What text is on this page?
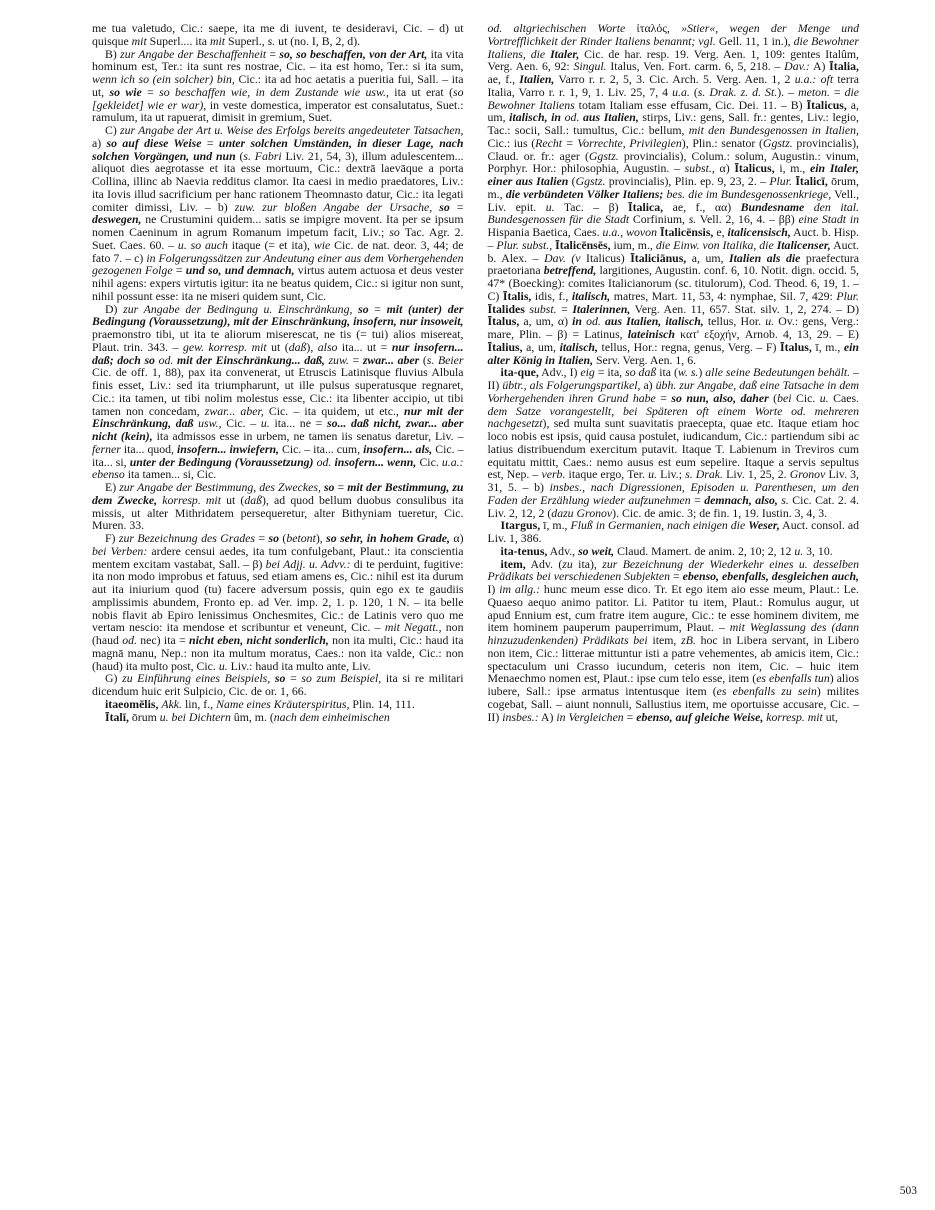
me tua valetudo, Cic.: saepe, ita me di iuvent, te desideravi, Cic. – d) ut quisque mit Superl.... ita mit Superl., s. ut (no. I, B, 2, d).

B) zur Angabe der Beschaffenheit = so, so beschaffen, von der Art, ita vita hominum est, Ter.: ita sunt res nostrae, Cic. – ita est homo, Ter.: si ita sum, wenn ich so (ein solcher) bin, Cic.: ita ad hoc aetatis a pueritia fui, Sall. – ita ut, so wie = so beschaffen wie, in dem Zustande wie usw., ita ut erat (so [gekleidet] wie er war), in veste domestica, imperator est consalutatus, Suet.: ramulum, ita ut rapuerat, dimisit in gremium, Suet.

C) zur Angabe der Art u. Weise des Erfolgs bereits angedeuteter Tatsachen, a) so auf diese Weise = unter solchen Umständen, in dieser Lage, nach solchen Vorgängen, und nun (s. Fabri Liv. 21, 54, 3), illum adulescentem... aliquot dies aegrotasse et ita esse mortuum, Cic.: dextrā laevāque a porta Collina, illinc ab Naevia redditus clamor. Ita caesi in medio praedatores, Liv.: ita Iovis illud sacrificium per hanc rationem Theomnasto datur, Cic.: ita legati comiter dimissi, Liv. – b) zuw. zur bloßen Angabe der Ursache, so = deswegen, ne Crustumini quidem... satis se impigre movent. Ita per se ipsum nomen Caeninum in agrum Romanum impetum facit, Liv.; so Tac. Agr. 2. Suet. Caes. 60. – u. so auch itaque (= et ita), wie Cic. de nat. deor. 3, 44; de fato 7. – c) in Folgerungssätzen zur Andeutung einer aus dem Vorhergehenden gezogenen Folge = und so, und demnach, virtus autem actuosa et deus vester nihil agens: expers virtutis igitur: ita ne beatus quidem, Cic.: si igitur non sunt, nihil possunt esse: ita ne miseri quidem sunt, Cic.

D) zur Angabe der Bedingung u. Einschränkung, so = mit (unter) der Bedingung (Voraussetzung), mit der Einschränkung, insofern, nur insoweit, praemonstro tibi, ut ita te aliorum miserescat, ne tis (= tui) alios misereat, Plaut. trin. 343. – gew. korresp. mit ut (daß), also ita... ut = nur insofern... daß; doch so od. mit der Einschränkung... daß, zuw. = zwar... aber (s. Beier Cic. de off. 1, 88), pax ita convenerat, ut Etruscis Latinisque fluvius Albula finis esset, Liv.: sed ita triumpharunt, ut ille pulsus superatusque regnaret, Cic.: ita tamen, ut tibi nolim molestus esse, Cic.: ita libenter accipio, ut tibi tamen non concedam, zwar... aber, Cic. – ita quidem, ut etc., nur mit der Einschränkung, daß usw., Cic. – u. ita... ne = so... daß nicht, zwar... aber nicht (kein), ita admissos esse in urbem, ne tamen iis senatus daretur, Liv. – ferner ita... quod, insofern... inwiefern, Cic. – ita... cum, insofern... als, Cic. – ita... si, unter der Bedingung (Voraussetzung) od. insofern... wenn, Cic. u.a.: ebenso ita tamen... si, Cic.

E) zur Angabe der Bestimmung, des Zweckes, so = mit der Bestimmung, zu dem Zwecke, korresp. mit ut (daß), ad quod bellum duobus consulibus ita missis, ut alter Mithridatem persequeretur, alter Bithyniam tueretur, Cic. Muren. 33.

F) zur Bezeichnung des Grades = so (betont), so sehr, in hohem Grade, α) bei Verben: ardere censui aedes, ita tum confulgebant, Plaut.: ita conscientia mentem excitam vastabat, Sall. – β) bei Adjj. u. Advv.: di te perduint, fugitive: ita non modo improbus et fatuus, sed etiam amens es, Cic.: nihil est ita durum aut ita iniurium quod (tu) facere adversum possis, quin ego ex te gaudiis amplissimis abundem, Fronto ep. ad Ver. imp. 2, 1. p. 120, 1 N. – ita belle nobis flavit ab Epiro lenissimus Onchesmites, Cic.: de Latinis vero quo me vertam nescio: ita mendose et scribuntur et veneunt, Cic. – mit Negatt., non (haud od. nec) ita = nicht eben, nicht sonderlich, non ita multi, Cic.: haud ita magnā manu, Nep.: non ita multum moratus, Caes.: non ita valde, Cic.: non (haud) ita multo post, Cic. u. Liv.: haud ita multo ante, Liv.

G) zu Einführung eines Beispiels, so = so zum Beispiel, ita si re militari dicendum huic erit Sulpicio, Cic. de or. 1, 66.

itaeomēlis, Akk. lin, f., Name eines Kräuterspiritus, Plin. 14, 111.

Ītalī, ōrum u. bei Dichtern ûm, m. (nach dem einheimischen

od. altgriechischen Worte ἰταλός, »Stier«, wegen der Menge und Vortrefflichkeit der Rinder Italiens benannt; vgl. Gell. 11, 1 in.), die Bewohner Italiens, die Italer, Cic. de har. resp. 19. Verg. Aen. 1, 109: gentes Italûm, Verg. Aen. 6, 92: Singul. Italus, Ven. Fort. carm. 6, 5, 218. – Dav.: A) Ītalia, ae, f., Italien, Varro r. r. 2, 5, 3. Cic. Arch. 5. Verg. Aen. 1, 2 u.a.: oft terra Italia, Varro r. r. 1, 9, 1. Liv. 25, 7, 4 u.a. (s. Drak. z. d. St.). – meton. = die Bewohner Italiens totam Italiam esse effusam, Cic. Dei. 11. – B) Ītalicus, a, um, italisch, in od. aus Italien, stirps, Liv.: gens, Sall. fr.: gentes, Liv.: legio, Tac.: socii, Sall.: tumultus, Cic.: bellum, mit den Bundesgenossen in Italien, Cic.: ius (Recht = Vorrechte, Privilegien), Plin.: senator (Ggstz. provincialis), Claud. or. fr.: ager (Ggstz. provincialis), Colum.: solum, Augustin.: vinum, Porphyr. Hor.: philosophia, Augustin. – subst., α) Ītalicus, i, m., ein Italer, einer aus Italien (Ggstz. provincialis), Plin. ep. 9, 23, 2. – Plur. Ītalicī, ōrum, m., die verbündeten Völker Italiens; bes. die im Bundesgenossenkriege, Vell., Liv. epit. u. Tac. – β) Ītalica, ae, f., αα) Bundesname den ital. Bundesgenossen für die Stadt Corfinium, s. Vell. 2, 16, 4. – ββ) eine Stadt in Hispania Baetica, Caes. u.a., wovon Ītalicēnsis, e, italicensisch, Auct. b. Hisp. – Plur. subst., Ītalicēnsēs, ium, m., die Einw. von Italika, die Italicenser, Auct. b. Alex. – Dav. (v Italicus) Ītaliciānus, a, um, Italien als die praefectura praetoriana betreffend, largitiones, Augustin. conf. 6, 10. Notit. dign. occid. 5, 47* (Boecking): comites Italicianorum (sc. titulorum), Cod. Theod. 6, 19, 1. – C) Ītalis, idis, f., italisch, matres, Mart. 11, 53, 4: nymphae, Sil. 7, 429: Plur. Ītalides subst. = Italerinnen, Verg. Aen. 11, 657. Stat. silv. 1, 2, 274. – D) Ītalus, a, um, α) in od. aus Italien, italisch, tellus, Hor. u. Ov.: gens, Verg.: mare, Plin. – β) = Latinus, lateinisch κατ' εξοχήν, Arnob. 4, 13, 29. – E) Ītalius, a, um, italisch, tellus, Hor.: regna, genus, Verg. – F) Ītalus, ī, m., ein alter König in Italien, Serv. Verg. Aen. 1, 6.

ita-que, Adv., I) eig = ita, so daß ita (w. s.) alle seine Bedeutungen behält. – II) übtr., als Folgerungspartikel, a) übh. zur Angabe, daß eine Tatsache in dem Vorhergehenden ihren Grund habe = so nun, also, daher (bei Cic. u. Caes. dem Satze vorangestellt, bei Späteren oft einem Worte od. mehreren nachgesetzt), sed multa sunt suavitatis praecepta, quae etc. Itaque etiam hoc loco nobis est ipsis, quid causa postulet, iudicandum, Cic.: partiendum sibi ac latius distribuendum exercitum putavit. Itaque T. Labienum in Treviros cum equitatu mittit, Caes.: nemo ausus est eum sepelire. Itaque a servis sepultus est, Nep. – verb. itaque ergo, Ter. u. Liv.; s. Drak. Liv. 1, 25, 2. Gronov Liv. 3, 31, 5. – b) insbes., nach Digressionen, Episoden u. Parenthesen, um den Faden der Erzählung wieder aufzunehmen = demnach, also, s. Cic. Cat. 2. 4. Liv. 2, 12, 2 (dazu Gronov). Cic. de amic. 3; de fin. 1, 19. Iustin. 3, 4, 3.

Itargus, ī, m., Fluß in Germanien, nach einigen die Weser, Auct. consol. ad Liv. 1, 386.

ita-tenus, Adv., so weit, Claud. Mamert. de anim. 2, 10; 2, 12 u. 3, 10.

item, Adv. (zu ita), zur Bezeichnung der Wiederkehr eines u. desselben Prädikats bei verschiedenen Subjekten = ebenso, ebenfalls, desgleichen auch, I) im allg.: hunc meum esse dico. Tr. Et ego item aio esse meum, Plaut.: Le. Quaeso aequo animo patitor. Li. Patitor tu item, Plaut.: Romulus augur, ut apud Ennium est, cum fratre item augure, Cic.: te esse hominem divitem, me item hominem pauperum pauperrimum, Plaut. – mit Weglassung des (dann hinzuzudenkenden) Prädikats bei item, zB. hoc in Libera servant, in Libero non item, Cic.: litterae mittuntur isti a patre vehementes, ab amicis item, Cic.: spectaculum uni Crasso iucundum, ceteris non item, Cic. – huic item Menaechmo nomen est, Plaut.: ipse cum telo esse, item (es ebenfalls tun) alios iubere, Sall.: ipse armatus intentusque item (es ebenfalls zu sein) milites cogebat, Sall. – aiunt nonnuli, Sallustius item, me oportuisse accusare, Cic. – II) insbes.: A) in Vergleichen = ebenso, auf gleiche Weise, korresp. mit ut,

503
